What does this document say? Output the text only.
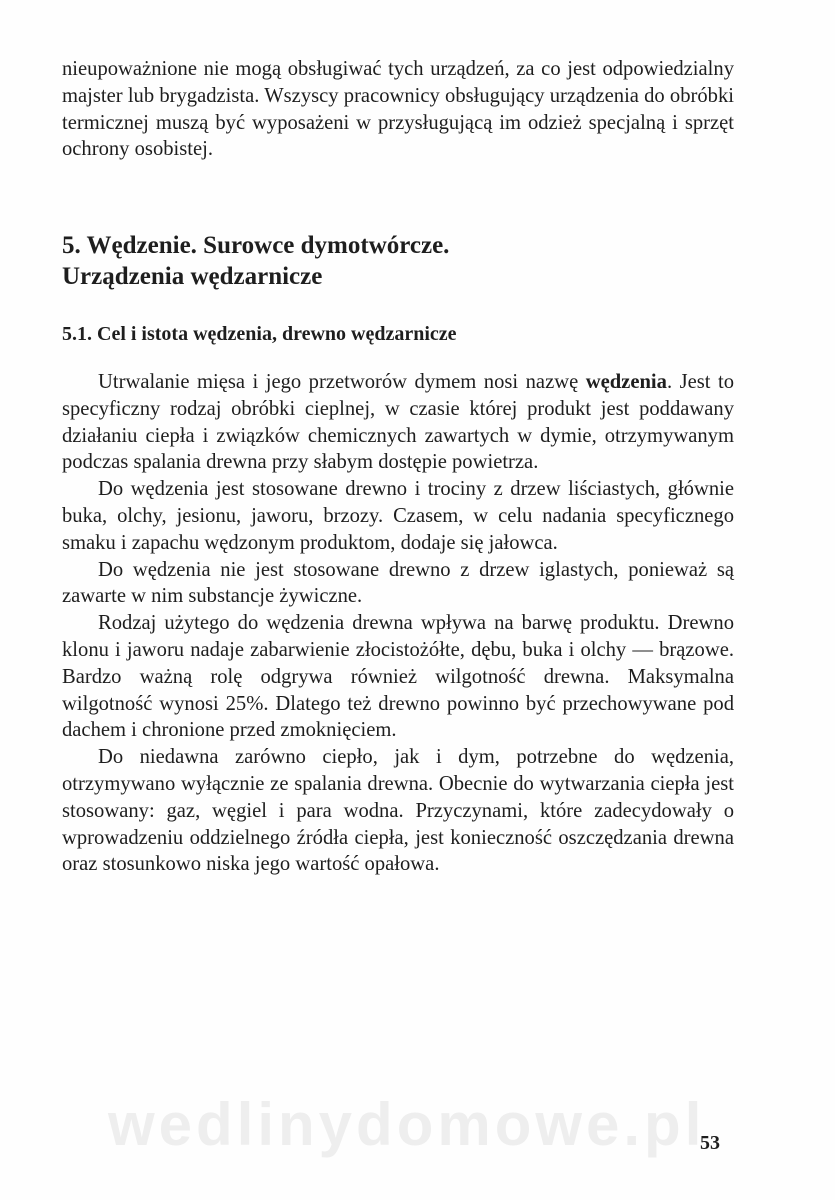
wedlinydomowe.pl

nieupoważnione nie mogą obsługiwać tych urządzeń, za co jest odpowiedzialny majster lub brygadzista. Wszyscy pracownicy obsługujący urządzenia do obróbki termicznej muszą być wyposażeni w przysługującą im odzież specjalną i sprzęt ochrony osobistej.

5. Wędzenie. Surowce dymotwórcze.
Urządzenia wędzarnicze
5.1. Cel i istota wędzenia, drewno wędzarnicze

Utrwalanie mięsa i jego przetworów dymem nosi nazwę wędzenia. Jest to specyficzny rodzaj obróbki cieplnej, w czasie której produkt jest poddawany działaniu ciepła i związków chemicznych zawartych w dymie, otrzymywanym podczas spalania drewna przy słabym dostępie powietrza.

Do wędzenia jest stosowane drewno i trociny z drzew liściastych, głównie buka, olchy, jesionu, jaworu, brzozy. Czasem, w celu nadania specyficznego smaku i zapachu wędzonym produktom, dodaje się jałowca.

Do wędzenia nie jest stosowane drewno z drzew iglastych, ponieważ są zawarte w nim substancje żywiczne.

Rodzaj użytego do wędzenia drewna wpływa na barwę produktu. Drewno klonu i jaworu nadaje zabarwienie złocistożółte, dębu, buka i olchy — brązowe. Bardzo ważną rolę odgrywa również wilgotność drewna. Maksymalna wilgotność wynosi 25%. Dlatego też drewno powinno być przechowywane pod dachem i chronione przed zmoknięciem.

Do niedawna zarówno ciepło, jak i dym, potrzebne do wędzenia, otrzymywano wyłącznie ze spalania drewna. Obecnie do wytwarzania ciepła jest stosowany: gaz, węgiel i para wodna. Przyczynami, które zadecydowały o wprowadzeniu oddzielnego źródła ciepła, jest konieczność oszczędzania drewna oraz stosunkowo niska jego wartość opałowa.

53
